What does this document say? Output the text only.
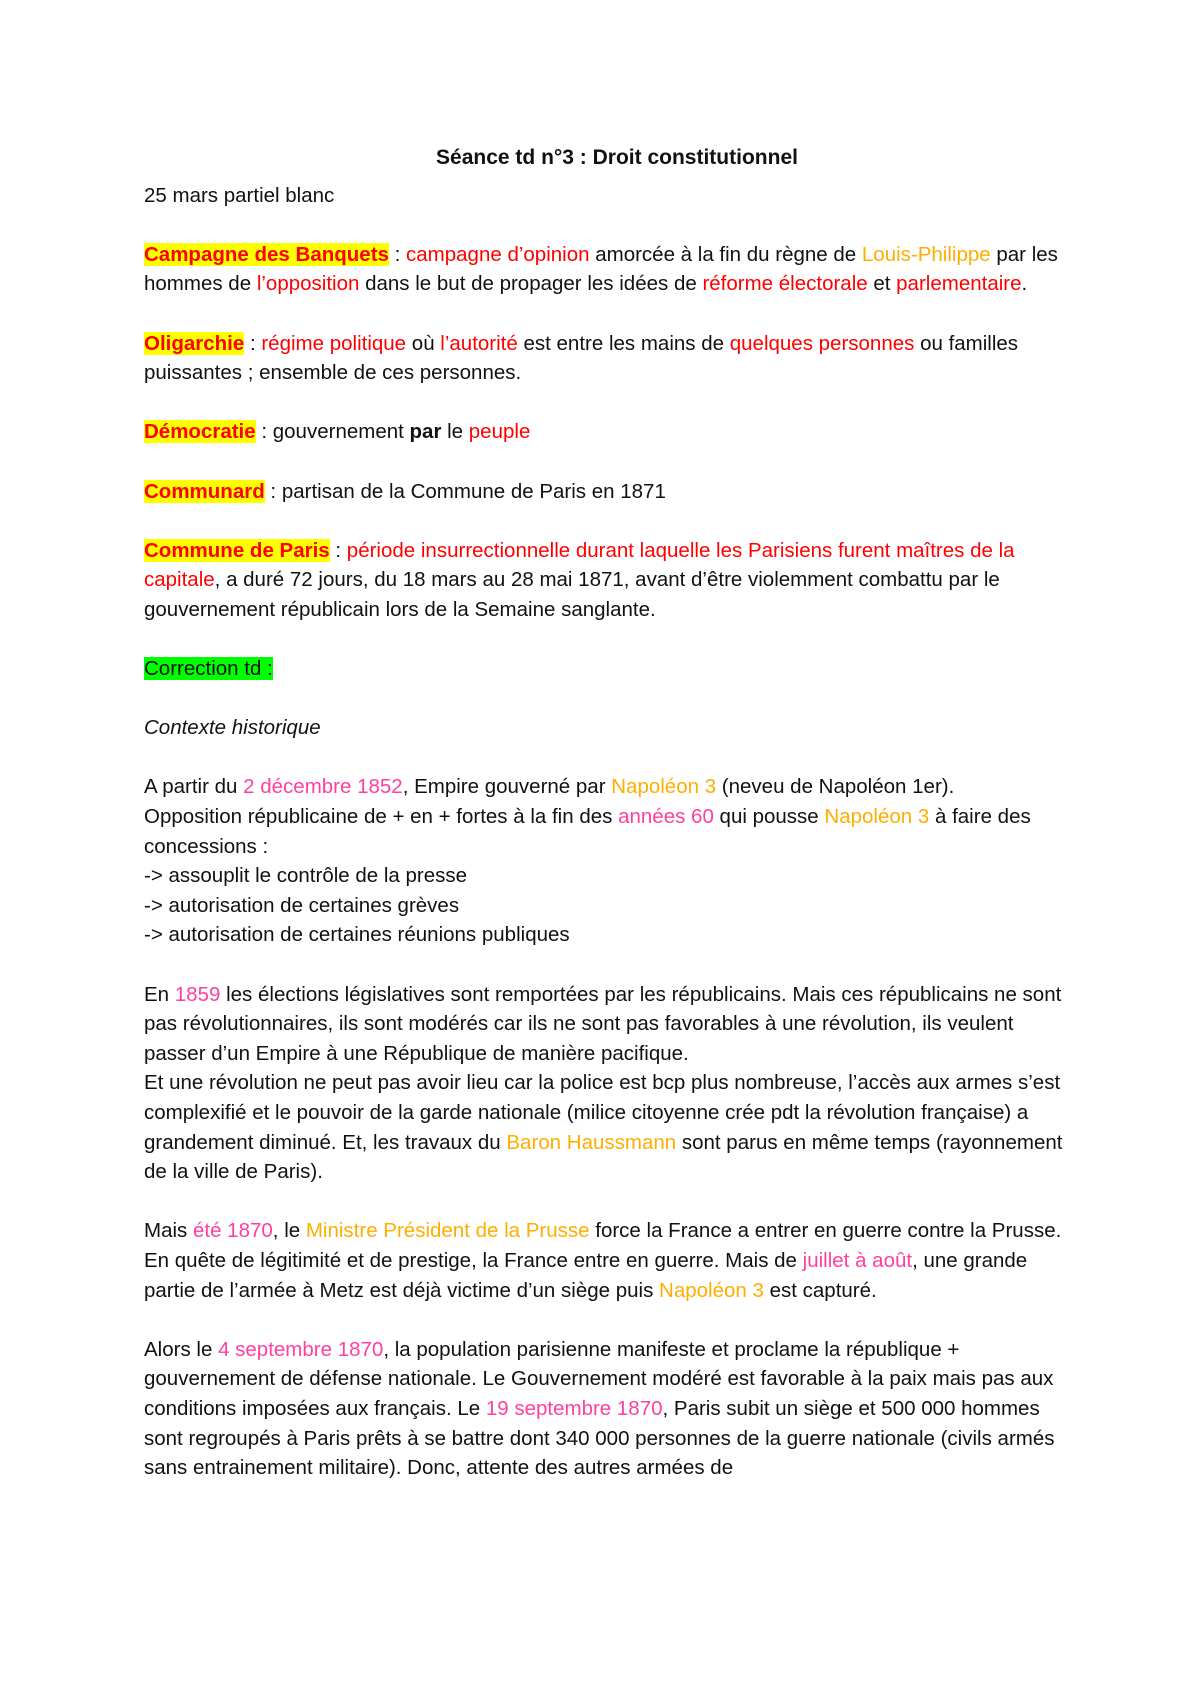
Séance td n°3 : Droit constitutionnel

25 mars partiel blanc

Campagne des Banquets : campagne d’opinion amorcée à la fin du règne de Louis-Philippe par les hommes de l’opposition dans le but de propager les idées de réforme électorale et parlementaire.

Oligarchie : régime politique où l’autorité est entre les mains de quelques personnes ou familles puissantes ; ensemble de ces personnes.

Démocratie : gouvernement par le peuple

Communard : partisan de la Commune de Paris en 1871

Commune de Paris : période insurrectionnelle durant laquelle les Parisiens furent maîtres de la capitale, a duré 72 jours, du 18 mars au 28 mai 1871, avant d’être violemment combattu par le gouvernement républicain lors de la Semaine sanglante.

Correction td :

Contexte historique

A partir du 2 décembre 1852, Empire gouverné par Napoléon 3 (neveu de Napoléon 1er).

Opposition républicaine de + en + fortes à la fin des années 60 qui pousse Napoléon 3 à faire des concessions :

-> assouplit le contrôle de la presse

-> autorisation de certaines grèves

-> autorisation de certaines réunions publiques

En 1859 les élections législatives sont remportées par les républicains. Mais ces républicains ne sont pas révolutionnaires, ils sont modérés car ils ne sont pas favorables à une révolution, ils veulent passer d’un Empire à une République de manière pacifique.

Et une révolution ne peut pas avoir lieu car la police est bcp plus nombreuse, l’accès aux armes s’est complexifié et le pouvoir de la garde nationale (milice citoyenne crée pdt la révolution française) a grandement diminué. Et, les travaux du Baron Haussmann sont parus en même temps (rayonnement de la ville de Paris).

Mais été 1870, le Ministre Président de la Prusse force la France a entrer en guerre contre la Prusse. En quête de légitimité et de prestige, la France entre en guerre. Mais de juillet à août, une grande partie de l’armée à Metz est déjà victime d’un siège puis Napoléon 3 est capturé.

Alors le 4 septembre 1870, la population parisienne manifeste et proclame la république + gouvernement de défense nationale. Le Gouvernement modéré est favorable à la paix mais pas aux conditions imposées aux français. Le 19 septembre 1870, Paris subit un siège et 500 000 hommes sont regroupés à Paris prêts à se battre dont 340 000 personnes de la guerre nationale (civils armés sans entrainement militaire). Donc, attente des autres armées de
